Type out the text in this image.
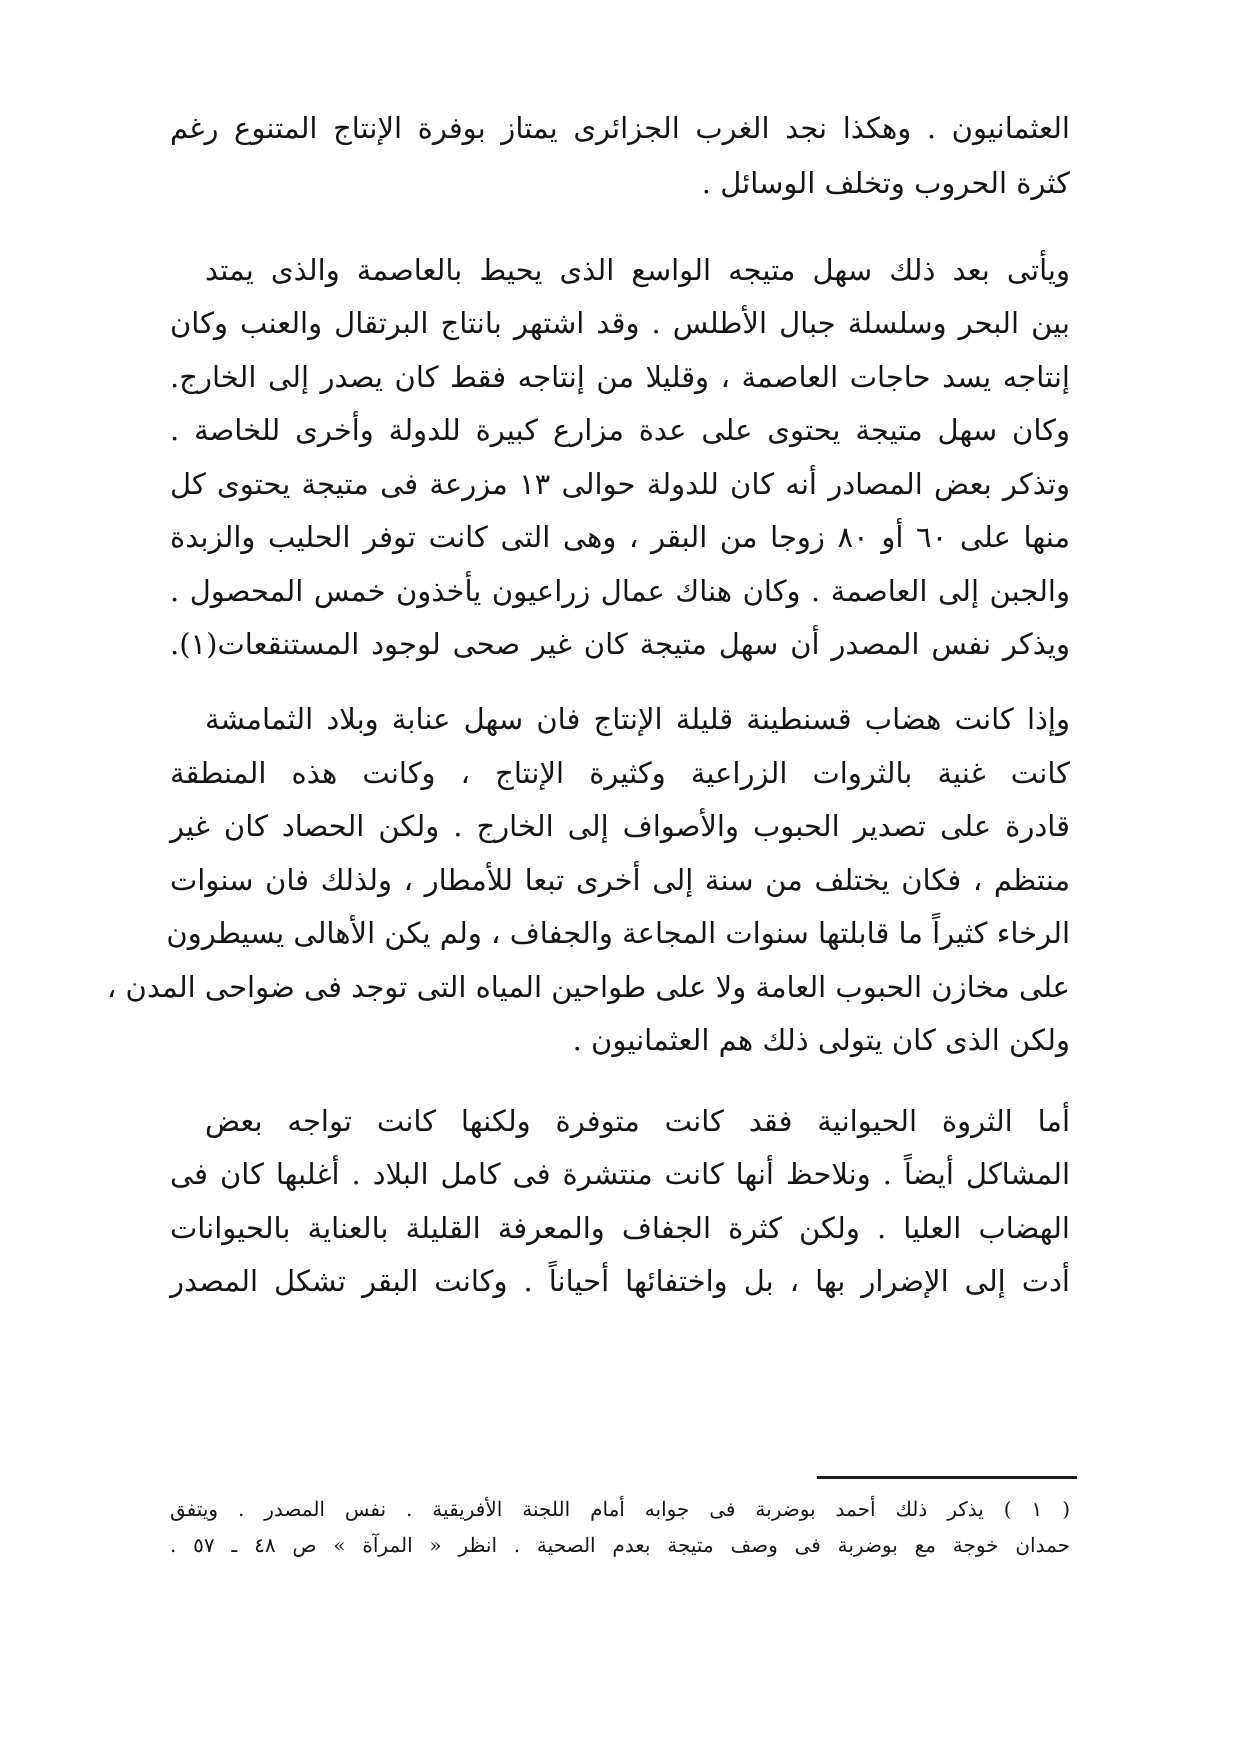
العثمانيون . وهكذا نجد الغرب الجزائرى يمتاز بوفرة الإنتاج المتنوع رغم

كثرة الحروب وتخلف الوسائل .

ويأتى بعد ذلك سهل متيجه الواسع الذى يحيط بالعاصمة والذى يمتد

بين البحر وسلسلة جبال الأطلس . وقد اشتهر بانتاج البرتقال والعنب وكان

إنتاجه يسد حاجات العاصمة ، وقليلا من إنتاجه فقط كان يصدر إلى الخارج.

وكان سهل متيجة يحتوى على عدة مزارع كبيرة للدولة وأخرى للخاصة .

وتذكر بعض المصادر أنه كان للدولة حوالى ١٣ مزرعة فى متيجة يحتوى كل

منها على ٦٠ أو ٨٠ زوجا من البقر ، وهى التى كانت توفر الحليب والزبدة

والجبن إلى العاصمة . وكان هناك عمال زراعيون يأخذون خمس المحصول .

ويذكر نفس المصدر أن سهل متيجة كان غير صحى لوجود المستنقعات(١).

وإذا كانت هضاب قسنطينة قليلة الإنتاج فان سهل عنابة وبلاد الثمامشة

كانت غنية بالثروات الزراعية وكثيرة الإنتاج ، وكانت هذه المنطقة

قادرة على تصدير الحبوب والأصواف إلى الخارج . ولكن الحصاد كان غير

منتظم ، فكان يختلف من سنة إلى أخرى تبعا للأمطار ، ولذلك فان سنوات

الرخاء كثيراً ما قابلتها سنوات المجاعة والجفاف ، ولم يكن الأهالى يسيطرون

على مخازن الحبوب العامة ولا على طواحين المياه التى توجد فى ضواحى المدن ،

ولكن الذى كان يتولى ذلك هم العثمانيون .

أما الثروة الحيوانية فقد كانت متوفرة ولكنها كانت تواجه بعض

المشاكل أيضاً . ونلاحظ أنها كانت منتشرة فى كامل البلاد . أغلبها كان فى

الهضاب العليا . ولكن كثرة الجفاف والمعرفة القليلة بالعناية بالحيوانات

أدت إلى الإضرار بها ، بل واختفائها أحياناً . وكانت البقر تشكل المصدر

( ١ ) يذكر ذلك أحمد بوضربة فى جوابه أمام اللجنة الأفريقية . نفس المصدر . ويتفق

حمدان خوجة مع بوضربة فى وصف متيجة بعدم الصحية . انظر « المرآة » ص ٤٨ ـ ٥٧ .
